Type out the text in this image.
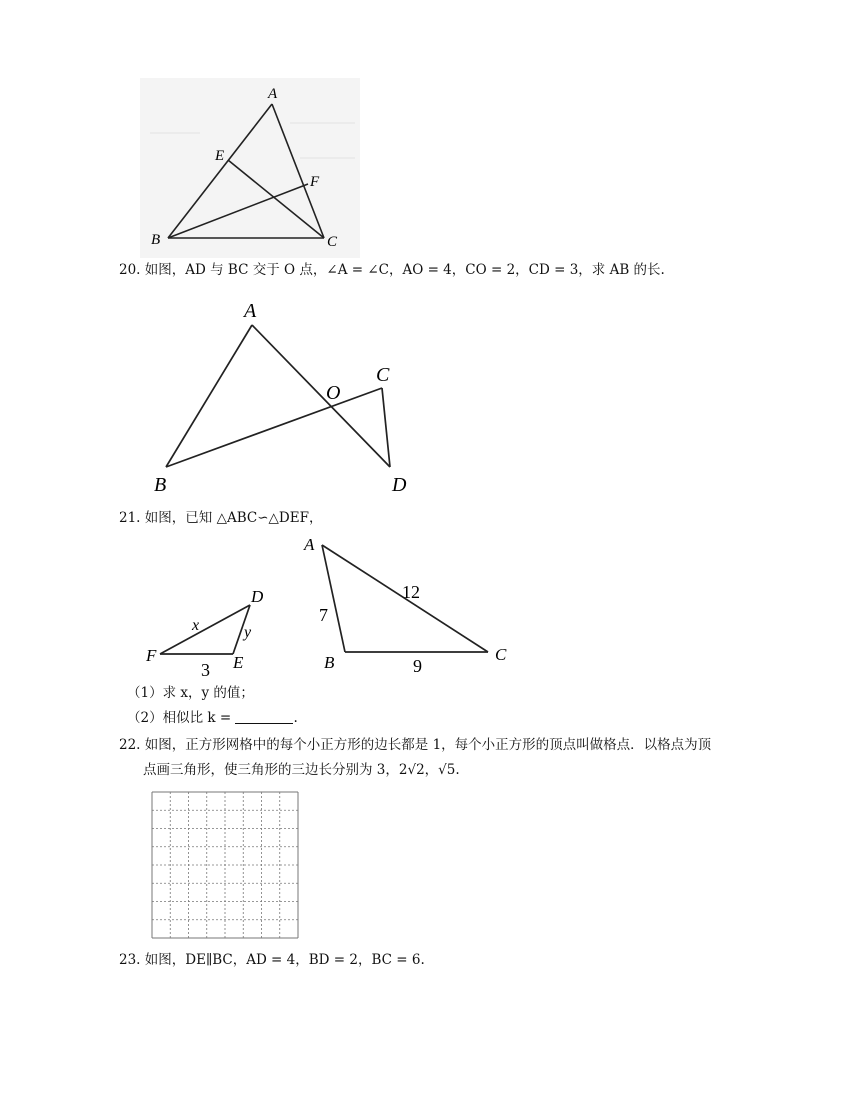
A
B	C
E
F
20. 如图，AD 与 BC 交于 O 点，∠A = ∠C，AO = 4，CO = 2，CD = 3，求 AB 的长.
A
B
C
D
O
21. 如图，已知 △ABC∽△DEF，
F
D
E
x	y
3
A
B	C
7
12
9
（1）求 x，y 的值；
（2）相似比 k =	.
22. 如图，正方形网格中的每个小正方形的边长都是 1，每个小正方形的顶点叫做格点．以格点为顶
点画三角形，使三角形的三边长分别为 3，2√2，√5.
23. 如图，DE∥BC，AD = 4，BD = 2，BC = 6.
